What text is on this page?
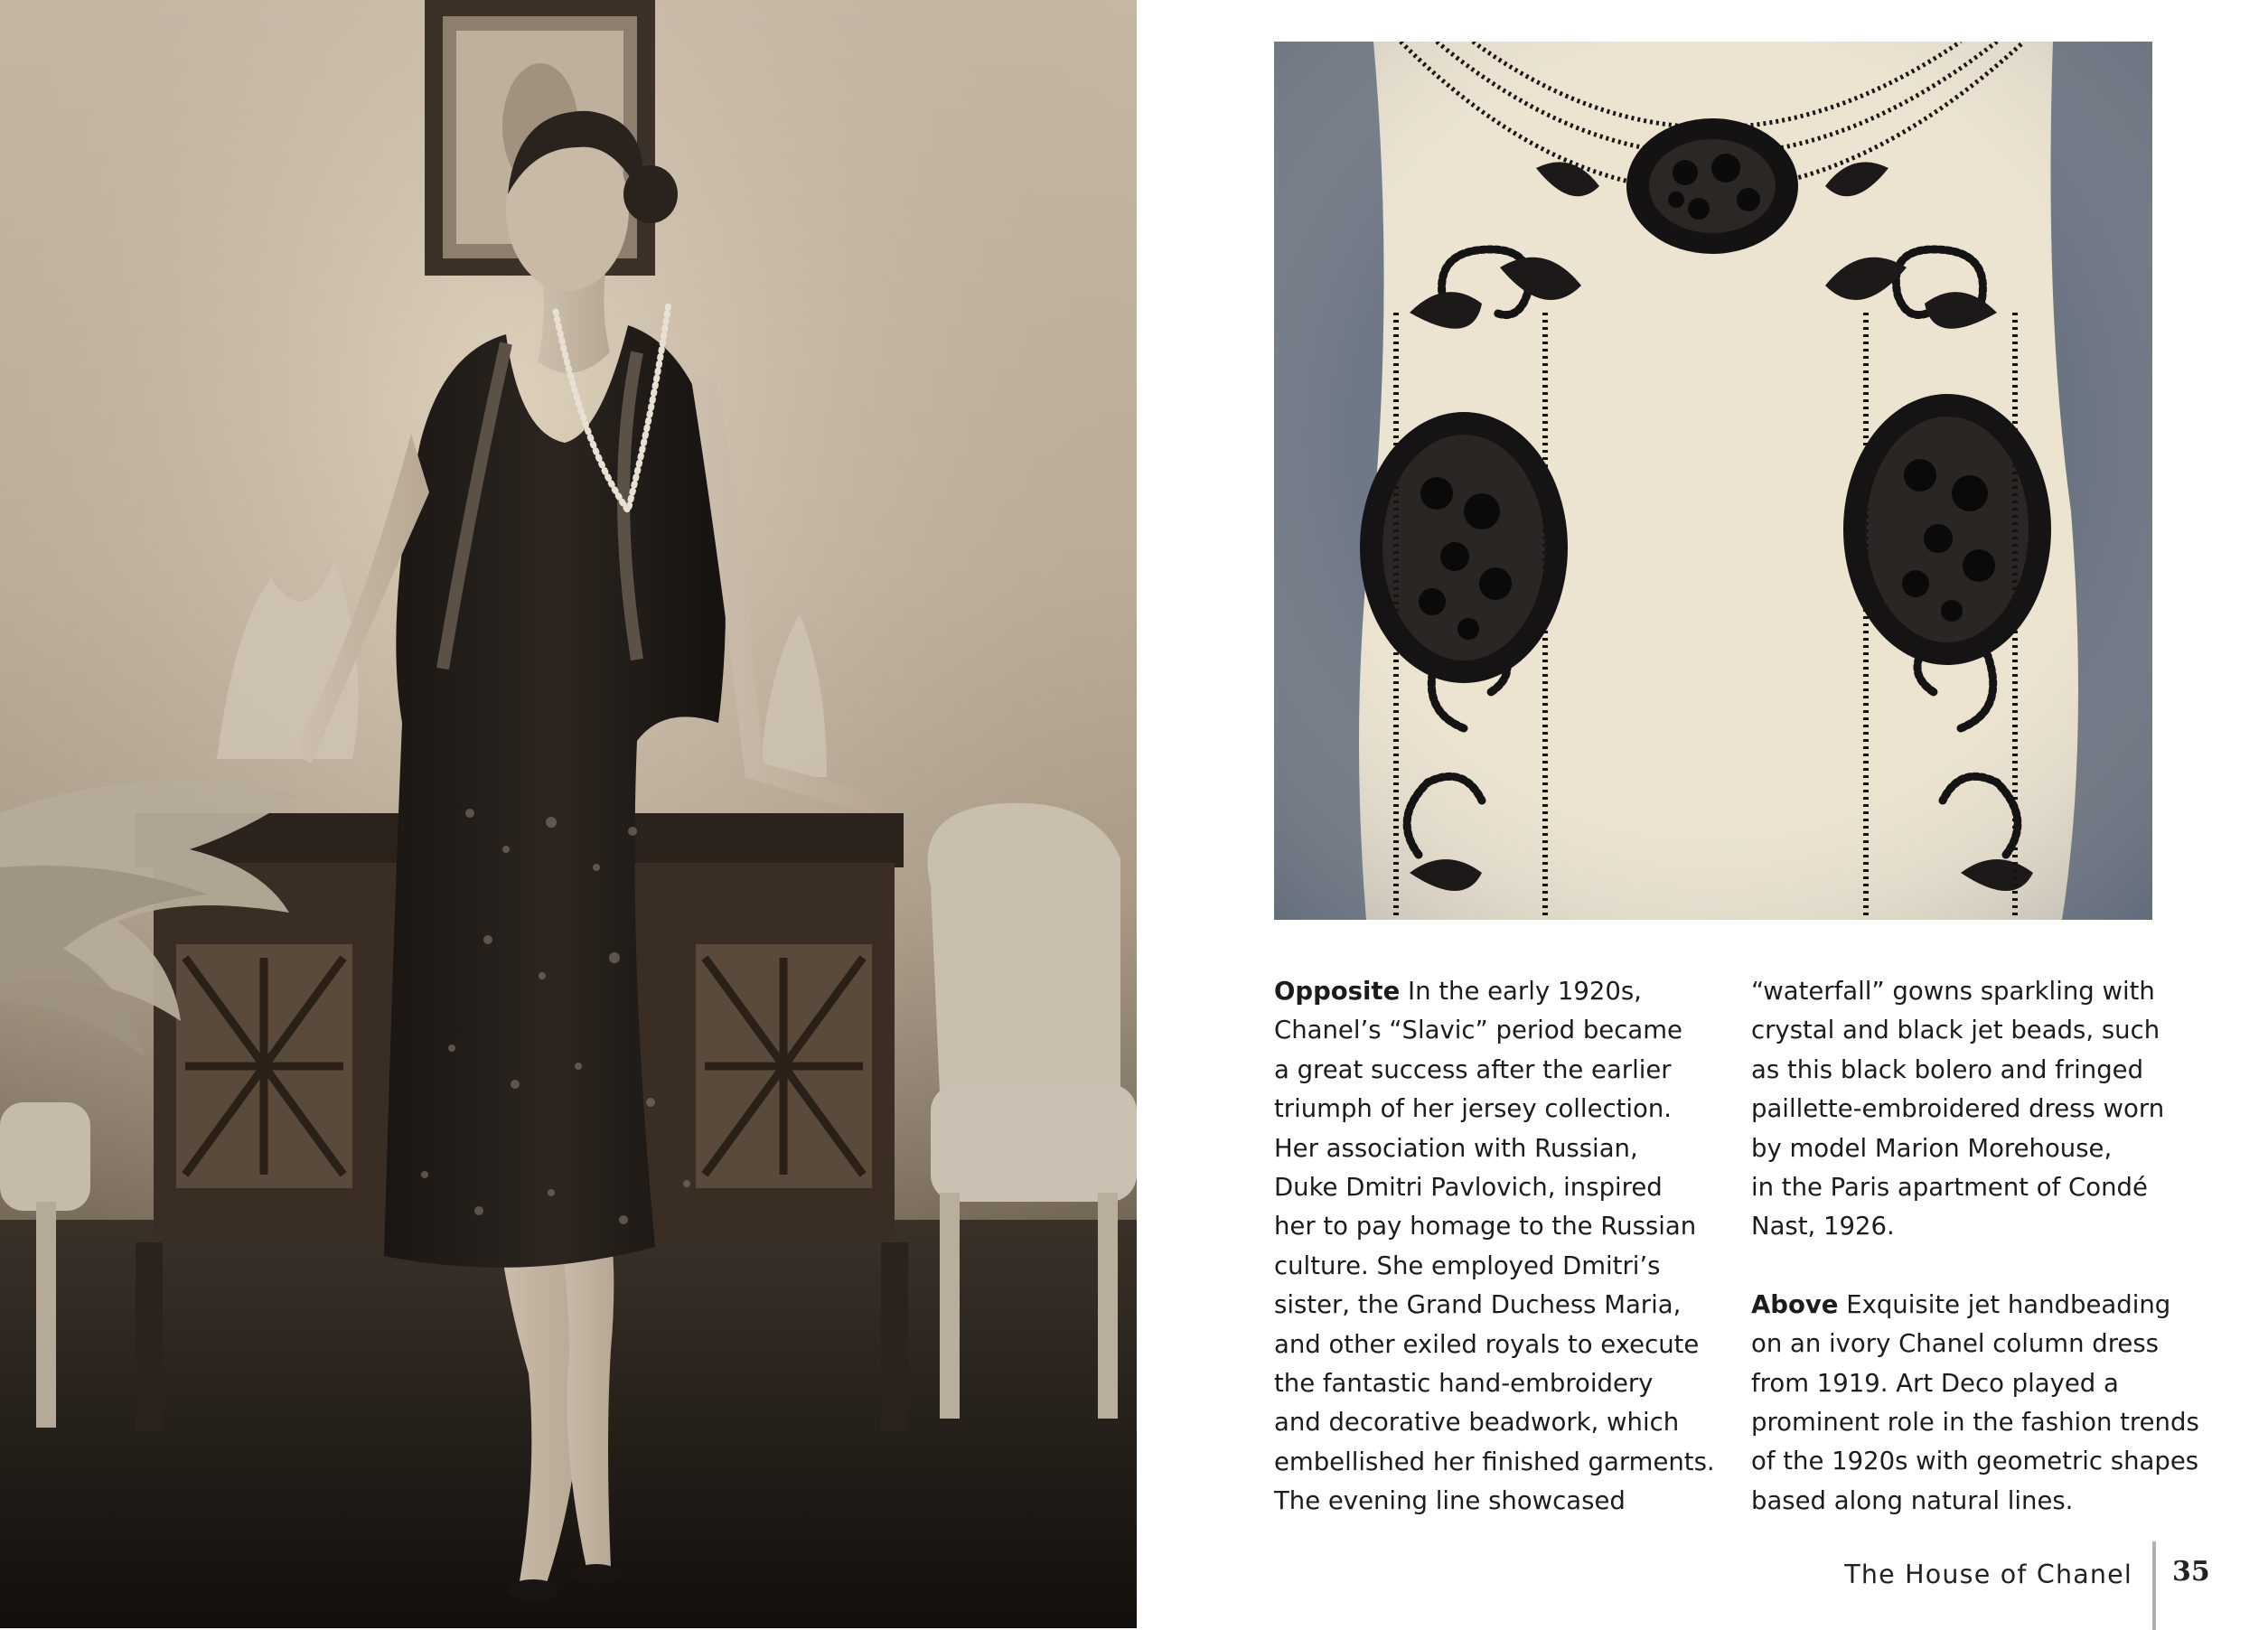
Opposite In the early 1920s,
Chanel’s “Slavic” period became
a great success after the earlier
triumph of her jersey collection.
Her association with Russian,
Duke Dmitri Pavlovich, inspired
her to pay homage to the Russian
culture. She employed Dmitri’s
sister, the Grand Duchess Maria,
and other exiled royals to execute
the fantastic hand-embroidery
and decorative beadwork, which
embellished her finished garments.
The evening line showcased
“waterfall” gowns sparkling with
crystal and black jet beads, such
as this black bolero and fringed
paillette-embroidered dress worn
by model Marion Morehouse,
in the Paris apartment of Condé
Nast, 1926.
Above Exquisite jet handbeading
on an ivory Chanel column dress
from 1919. Art Deco played a
prominent role in the fashion trends
of the 1920s with geometric shapes
based along natural lines.
The House of Chanel 35
